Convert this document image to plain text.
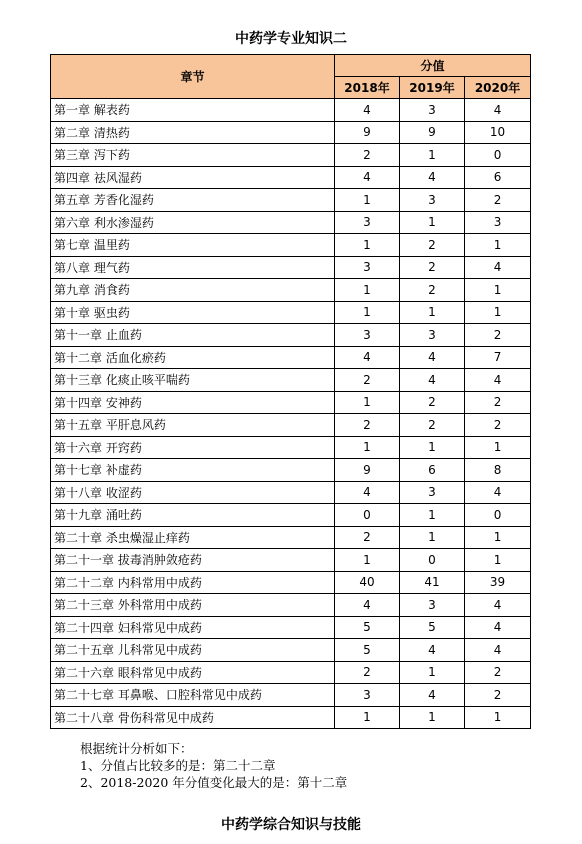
中药学专业知识二
章节	分值		
	2018年	2019年	2020年
第一章 解表药	4	3	4
第二章 清热药	9	9	10
第三章 泻下药	2	1	0
第四章 祛风湿药	4	4	6
第五章 芳香化湿药	1	3	2
第六章 利水渗湿药	3	1	3
第七章 温里药	1	2	1
第八章 理气药	3	2	4
第九章 消食药	1	2	1
第十章 驱虫药	1	1	1
第十一章 止血药	3	3	2
第十二章 活血化瘀药	4	4	7
第十三章 化痰止咳平喘药	2	4	4
第十四章 安神药	1	2	2
第十五章 平肝息风药	2	2	2
第十六章 开窍药	1	1	1
第十七章 补虚药	9	6	8
第十八章 收涩药	4	3	4
第十九章 涌吐药	0	1	0
第二十章 杀虫燥湿止痒药	2	1	1
第二十一章 拔毒消肿敛疮药	1	0	1
第二十二章 内科常用中成药	40	41	39
第二十三章 外科常用中成药	4	3	4
第二十四章 妇科常见中成药	5	5	4
第二十五章 儿科常见中成药	5	4	4
第二十六章 眼科常见中成药	2	1	2
第二十七章 耳鼻喉、口腔科常见中成药	3	4	2
第二十八章 骨伤科常见中成药	1	1	1
根据统计分析如下：
1、分值占比较多的是：第二十二章
2、2018-2020 年分值变化最大的是：第十二章
中药学综合知识与技能
